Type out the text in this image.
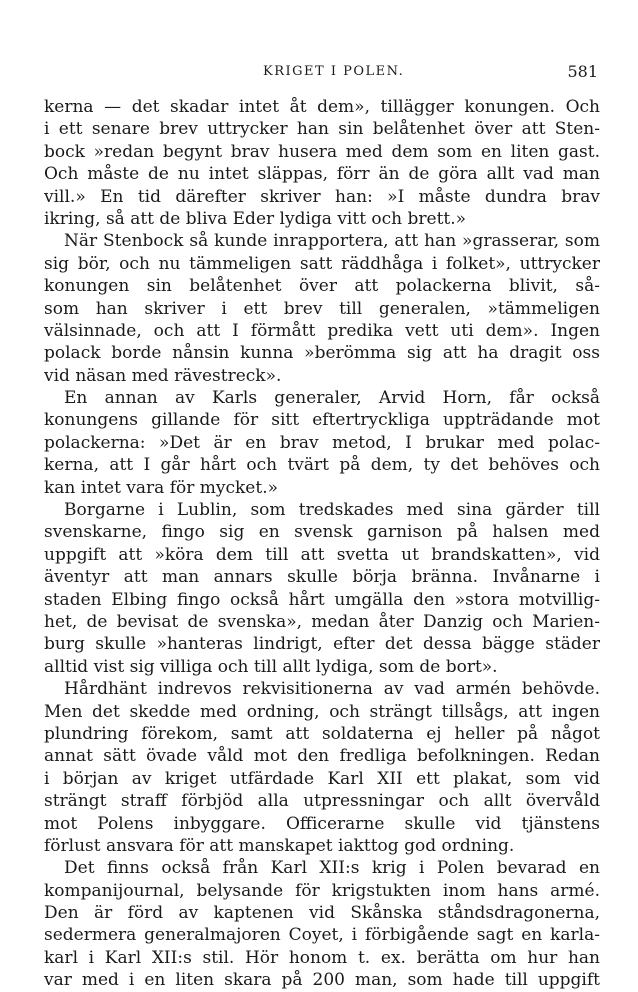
KRIGET I POLEN.	581
kerna — det skadar intet åt dem», tillägger konungen. Och
i ett senare brev uttrycker han sin belåtenhet över att Sten-
bock »redan begynt brav husera med dem som en liten gast.
Och måste de nu intet släppas, förr än de göra allt vad man
vill.» En tid därefter skriver han: »I måste dundra brav
ikring, så att de bliva Eder lydiga vitt och brett.»
När Stenbock så kunde inrapportera, att han »grasserar, som
sig bör, och nu tämmeligen satt räddhåga i folket», uttrycker
konungen sin belåtenhet över att polackerna blivit, så-
som han skriver i ett brev till generalen, »tämmeligen
välsinnade, och att I förmått predika vett uti dem». Ingen
polack borde nånsin kunna »berömma sig att ha dragit oss
vid näsan med rävestreck».
En annan av Karls generaler, Arvid Horn, får också
konungens gillande för sitt eftertryckliga uppträdande mot
polackerna: »Det är en brav metod, I brukar med polac-
kerna, att I går hårt och tvärt på dem, ty det behöves och
kan intet vara för mycket.»
Borgarne i Lublin, som tredskades med sina gärder till
svenskarne, fingo sig en svensk garnison på halsen med
uppgift att »köra dem till att svetta ut brandskatten», vid
äventyr att man annars skulle börja bränna. Invånarne i
staden Elbing fingo också hårt umgälla den »stora motvillig-
het, de bevisat de svenska», medan åter Danzig och Marien-
burg skulle »hanteras lindrigt, efter det dessa bägge städer
alltid vist sig villiga och till allt lydiga, som de bort».
Hårdhänt indrevos rekvisitionerna av vad armén behövde.
Men det skedde med ordning, och strängt tillsågs, att ingen
plundring förekom, samt att soldaterna ej heller på något
annat sätt övade våld mot den fredliga befolkningen. Redan
i början av kriget utfärdade Karl XII ett plakat, som vid
strängt straff förbjöd alla utpressningar och allt övervåld
mot Polens inbyggare. Officerarne skulle vid tjänstens
förlust ansvara för att manskapet iakttog god ordning.
Det finns också från Karl XII:s krig i Polen bevarad en
kompanijournal, belysande för krigstukten inom hans armé.
Den är förd av kaptenen vid Skånska ståndsdragonerna,
sedermera generalmajoren Coyet, i förbigående sagt en karla-
karl i Karl XII:s stil. Hör honom t. ex. berätta om hur han
var med i en liten skara på 200 man, som hade till uppgift
